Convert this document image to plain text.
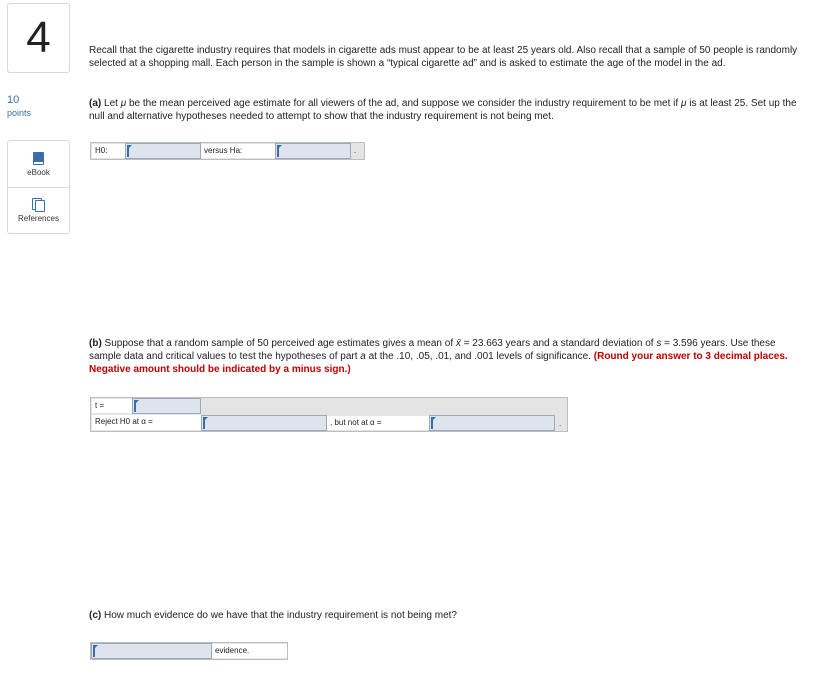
4
10
points
eBook
References
Recall that the cigarette industry requires that models in cigarette ads must appear to be at least 25 years old. Also recall that a sample of 50 people is randomly selected at a shopping mall. Each person in the sample is shown a “typical cigarette ad” and is asked to estimate the age of the model in the ad.
(a) Let μ be the mean perceived age estimate for all viewers of the ad, and suppose we consider the industry requirement to be met if μ is at least 25. Set up the null and alternative hypotheses needed to attempt to show that the industry requirement is not being met.
H0:	versus Ha:	.
(b) Suppose that a random sample of 50 perceived age estimates gives a mean of x̄ = 23.663 years and a standard deviation of s = 3.596 years. Use these sample data and critical values to test the hypotheses of part a at the .10, .05, .01, and .001 levels of significance. (Round your answer to 3 decimal places. Negative amount should be indicated by a minus sign.)
t =
Reject H0 at α =	, but not at α =	.
(c) How much evidence do we have that the industry requirement is not being met?
evidence.
